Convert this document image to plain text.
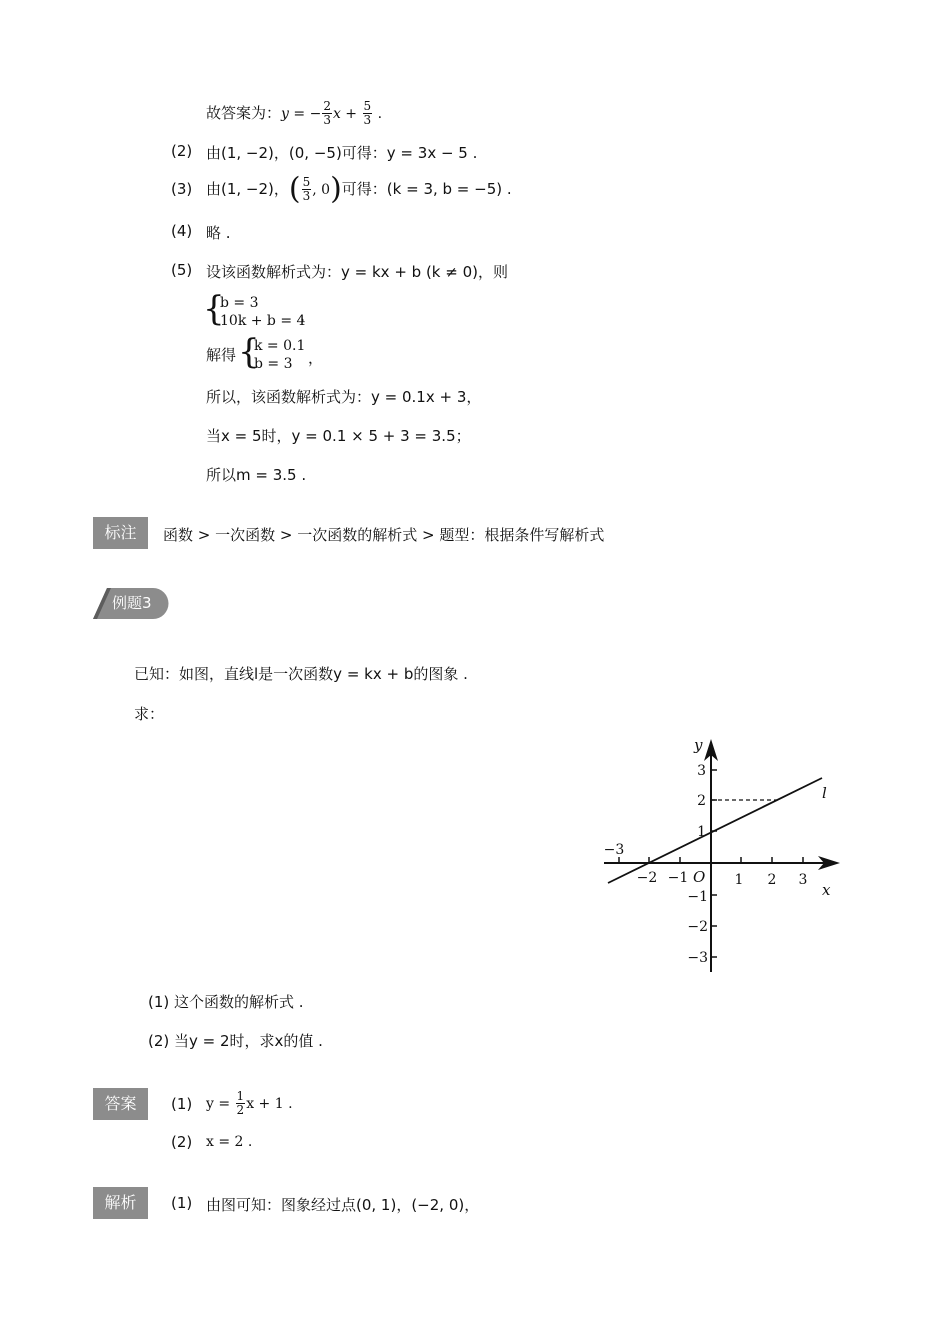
故答案为：y = − $\frac{2}{3}$ $x + \frac{5}{3}$ .
(2) 由(1, −2)，(0, −5)可得：y = 3x − 5 .
(3) 由(1, −2)，( $\frac{5}{3}$ , 0)可得：(k = 3, b = −5) .
(4) 略 .
(5) 设该函数解析式为：y = kx + b (k ≠ 0)，则
{
b = 3
10k + b = 4
，
解得 {
k = 0.1
b = 3	，
所以，该函数解析式为：y = 0.1x + 3，
当x = 5时，y = 0.1 × 5 + 3 = 3.5；
所以m = 3.5 .
标注	函数 > 一次函数 > 一次函数的解析式 > 题型：根据条件写解析式
例题3
已知：如图，直线l是一次函数y = kx + b的图象 .
求：
y
x
O
l
3
2
1
−1
−2
−3
−3
−2 −1	1 2 3
(1) 这个函数的解析式 .
(2) 当y = 2时，求x的值 .
答案	(1) $y = \frac{1}{2}$ x + 1 .
(2) x = 2 .
解析	(1) 由图可知：图象经过点(0, 1)，(−2, 0)，
